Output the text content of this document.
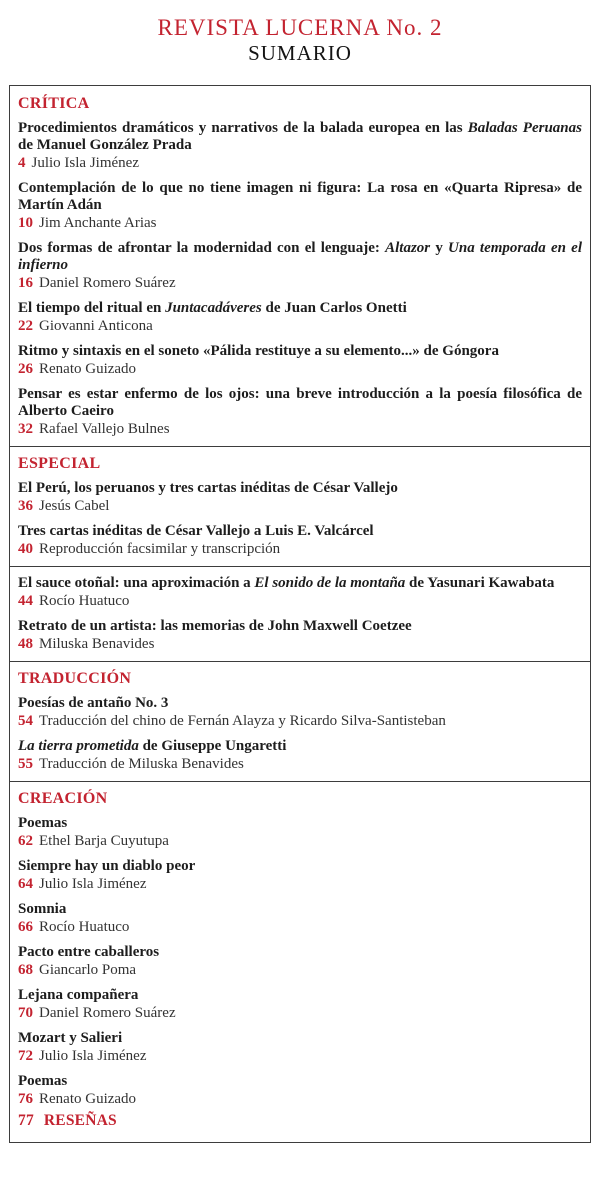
REVISTA LUCERNA No. 2
SUMARIO
CRÍTICA

Procedimientos dramáticos y narrativos de la balada europea en las Baladas Peruanas de Manuel González Prada

4 Julio Isla Jiménez

Contemplación de lo que no tiene imagen ni figura: La rosa en «Quarta Ripresa» de Martín Adán

10 Jim Anchante Arias

Dos formas de afrontar la modernidad con el lenguaje: Altazor y Una temporada en el infierno

16 Daniel Romero Suárez

El tiempo del ritual en Juntacadáveres de Juan Carlos Onetti

22 Giovanni Anticona

Ritmo y sintaxis en el soneto «Pálida restituye a su elemento...» de Góngora

26 Renato Guizado

Pensar es estar enfermo de los ojos: una breve introducción a la poesía filosófica de Alberto Caeiro

32 Rafael Vallejo Bulnes

ESPECIAL

El Perú, los peruanos y tres cartas inéditas de César Vallejo

36 Jesús Cabel

Tres cartas inéditas de César Vallejo a Luis E. Valcárcel

40 Reproducción facsimilar y transcripción

El sauce otoñal: una aproximación a El sonido de la montaña de Yasunari Kawabata

44 Rocío Huatuco

Retrato de un artista: las memorias de John Maxwell Coetzee

48 Miluska Benavides

TRADUCCIÓN

Poesías de antaño No. 3

54 Traducción del chino de Fernán Alayza y Ricardo Silva-Santisteban

La tierra prometida de Giuseppe Ungaretti

55 Traducción de Miluska Benavides

CREACIÓN

Poemas

62 Ethel Barja Cuyutupa

Siempre hay un diablo peor

64 Julio Isla Jiménez

Somnia

66 Rocío Huatuco

Pacto entre caballeros

68 Giancarlo Poma

Lejana compañera

70 Daniel Romero Suárez

Mozart y Salieri

72 Julio Isla Jiménez

Poemas

76 Renato Guizado

77 RESEÑAS
